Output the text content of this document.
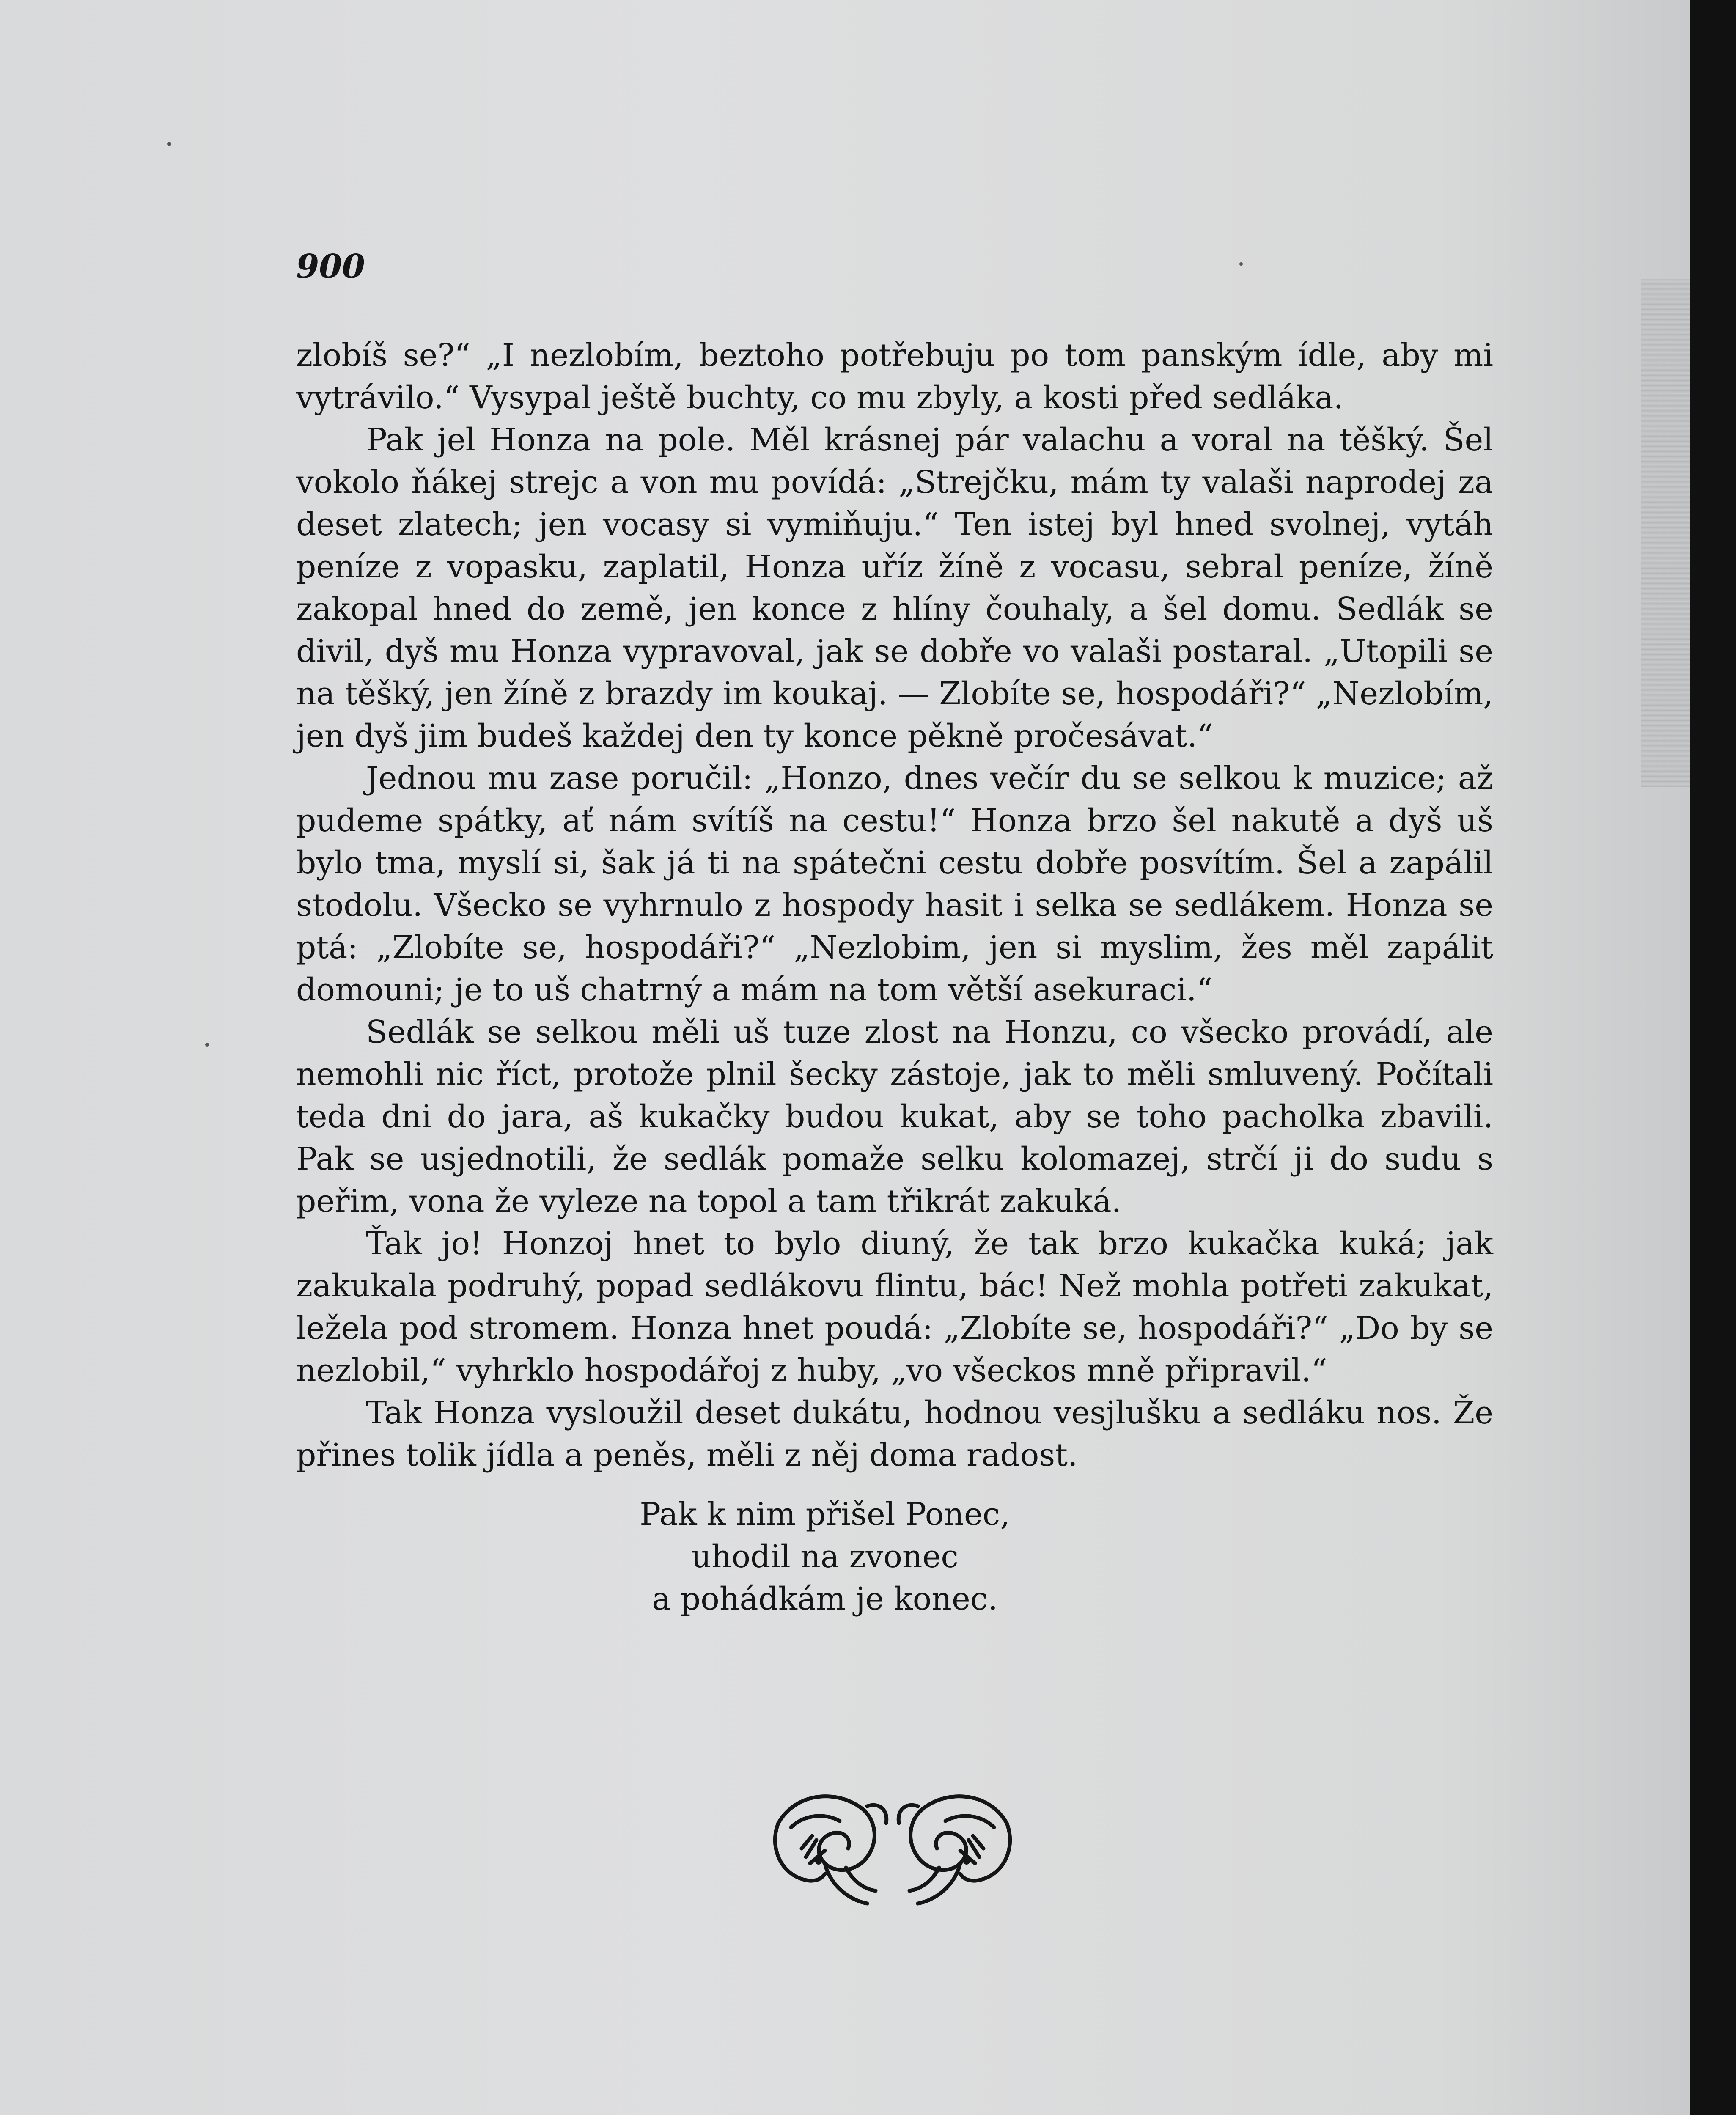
900

zlobíš se?“ „I nezlobím, beztoho potřebuju po tom panským ídle, aby mi vytrávilo.“ Vysypal ještě buchty, co mu zbyly, a kosti před sedláka.

Pak jel Honza na pole. Měl krásnej pár valachu a voral na těšký. Šel vokolo ňákej strejc a von mu povídá: „Strejčku, mám ty valaši naprodej za deset zlatech; jen vocasy si vymiňuju.“ Ten istej byl hned svolnej, vytáh peníze z vopasku, zaplatil, Honza uříz žíně z vocasu, sebral peníze, žíně zakopal hned do země, jen konce z hlíny čouhaly, a šel domu. Sedlák se divil, dyš mu Honza vypravoval, jak se dobře vo valaši postaral. „Utopili se na těšký, jen žíně z brazdy im koukaj. — Zlobíte se, hospodáři?“ „Nezlobím, jen dyš jim budeš každej den ty konce pěkně pročesávat.“

Jednou mu zase poručil: „Honzo, dnes večír du se selkou k muzice; až pudeme spátky, ať nám svítíš na cestu!“ Honza brzo šel nakutě a dyš uš bylo tma, myslí si, šak já ti na spátečni cestu dobře posvítím. Šel a zapálil stodolu. Všecko se vyhrnulo z hospody hasit i selka se sedlákem. Honza se ptá: „Zlobíte se, hospodáři?“ „Nezlobim, jen si myslim, žes měl zapálit domouni; je to uš chatrný a mám na tom větší asekuraci.“

Sedlák se selkou měli uš tuze zlost na Honzu, co všecko provádí, ale nemohli nic říct, protože plnil šecky zástoje, jak to měli smluvený. Počítali teda dni do jara, aš kukačky budou kukat, aby se toho pacholka zbavili. Pak se usjednotili, že sedlák pomaže selku kolomazej, strčí ji do sudu s peřim, vona že vyleze na topol a tam třikrát zakuká.

Ťak jo! Honzoj hnet to bylo diuný, že tak brzo kukačka kuká; jak zakukala podruhý, popad sedlákovu flintu, bác! Než mohla potřeti zakukat, ležela pod stromem. Honza hnet poudá: „Zlobíte se, hospodáři?“ „Do by se nezlobil,“ vyhrklo hospodářoj z huby, „vo všeckos mně připravil.“

Tak Honza vysloužil deset dukátu, hodnou vesjlušku a sedláku nos. Že přines tolik jídla a peněs, měli z něj doma radost.

Pak k nim přišel Ponec,
uhodil na zvonec
a pohádkám je konec.
